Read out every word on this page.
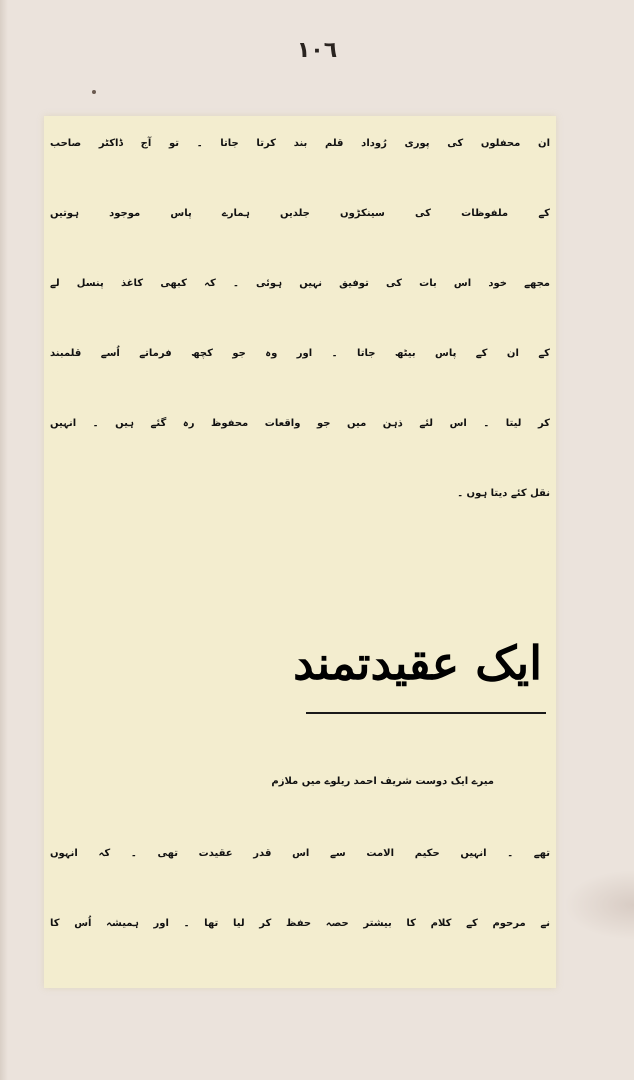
١٠٦
ان محفلوں کی پوری رُوداد قلم بند کرتا جاتا ۔ تو آج ڈاکٹر صاحب
کے ملفوظات کی سینکڑوں جلدیں ہمارے پاس موجود ہوتیں
مجھے خود اس بات کی توفیق نہیں ہوئی ۔ کہ کبھی کاغذ پنسل لے
کے ان کے پاس بیٹھ جاتا ۔ اور وہ جو کچھ فرماتے اُسے قلمبند
کر لیتا ۔ اس لئے ذہن میں جو واقعات محفوظ رہ گئے ہیں ۔ انہیں
نقل کئے دیتا ہوں ۔
ایک عقیدتمند
میرے ایک دوست شریف احمد ریلوے میں ملازم
تھے ۔ انہیں حکیم الامت سے اس قدر عقیدت تھی ۔ کہ انہوں
نے مرحوم کے کلام کا بیشتر حصہ حفظ کر لیا تھا ۔ اور ہمیشہ اُس کا
